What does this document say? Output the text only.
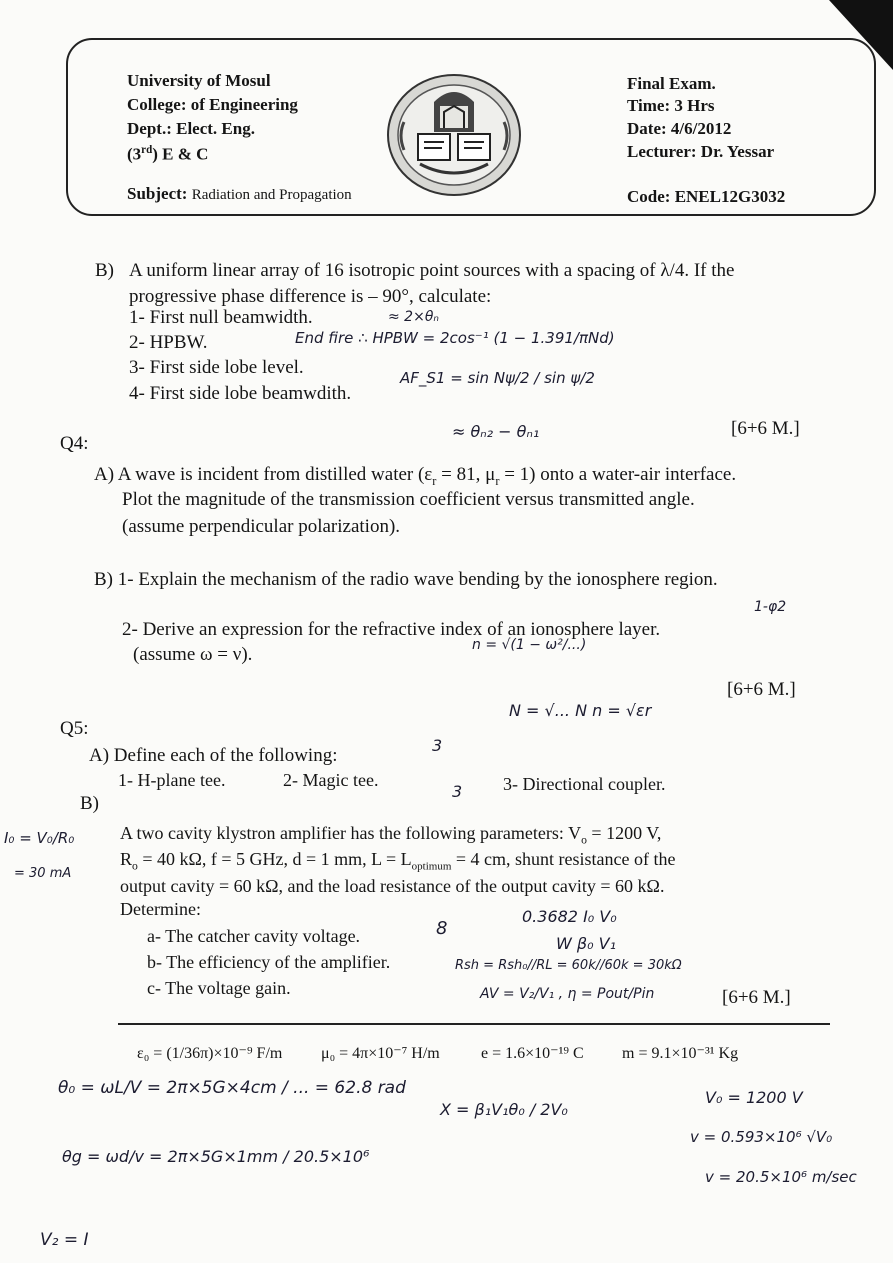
University of Mosul
College: of Engineering
Dept.: Elect. Eng.
(3rd) E & C
Subject: Radiation and Propagation
Final Exam.
Time: 3 Hrs
Date: 4/6/2012
Lecturer: Dr. Yessar
Code: ENEL12G3032
B) A uniform linear array of 16 isotropic point sources with a spacing of λ/4. If the
progressive phase difference is – 90°, calculate:
1- First null beamwidth.
2- HPBW.
3- First side lobe level.
4- First side lobe beamwdith.
[6+6 M.]
Q4:
A) A wave is incident from distilled water ($\varepsilon_r = 81$, $\mu_r = 1$) onto a water-air interface.
Plot the magnitude of the transmission coefficient versus transmitted angle.
(assume perpendicular polarization).
B) 1- Explain the mechanism of the radio wave bending by the ionosphere region.
2- Derive an expression for the refractive index of an ionosphere layer.
(assume ω = ν).
[6+6 M.]
Q5:
A) Define each of the following:
1- H-plane tee.	2- Magic tee.	3- Directional coupler.
B)
A two cavity klystron amplifier has the following parameters: $V_o = 1200$ V,
$R_o = 40$ kΩ, f = 5 GHz, d = 1 mm, $L = L_{optimum} = 4$ cm, shunt resistance of the
output cavity = 60 kΩ, and the load resistance of the output cavity = 60 kΩ.
Determine:
a- The catcher cavity voltage.
b- The efficiency of the amplifier.
c- The voltage gain.	[6+6 M.]
ε₀ = (1/36π)×10⁻⁹ F/m μ₀ = 4π×10⁻⁷ H/m	e = 1.6×10⁻¹⁹ C m = 9.1×10⁻³¹ Kg
≈ 2×θₙ
End fire ∴ HPBW = 2cos⁻¹ (1 − 1.391/πNd)
AF_S1 = sin Nψ/2 / sin ψ/2
≈ θₙ₂ − θₙ₁
n = √(1 − ω²/...)
N = √... N n = √εr
3
3
1-φ2
I₀ = V₀/R₀
= 30 mA
0.3682 I₀ V₀
W β₀ V₁
8
Rsh = Rsh₀//RL = 60k//60k = 30kΩ
AV = V₂/V₁ , η = Pout/Pin
θ₀ = ωL/V = 2π×5G×4cm / ... = 62.8 rad
X = β₁V₁θ₀ / 2V₀
θg = ωd/v = 2π×5G×1mm / 20.5×10⁶
V₀ = 1200 V
v = 0.593×10⁶ √V₀
v = 20.5×10⁶ m/sec
V₂ = I
